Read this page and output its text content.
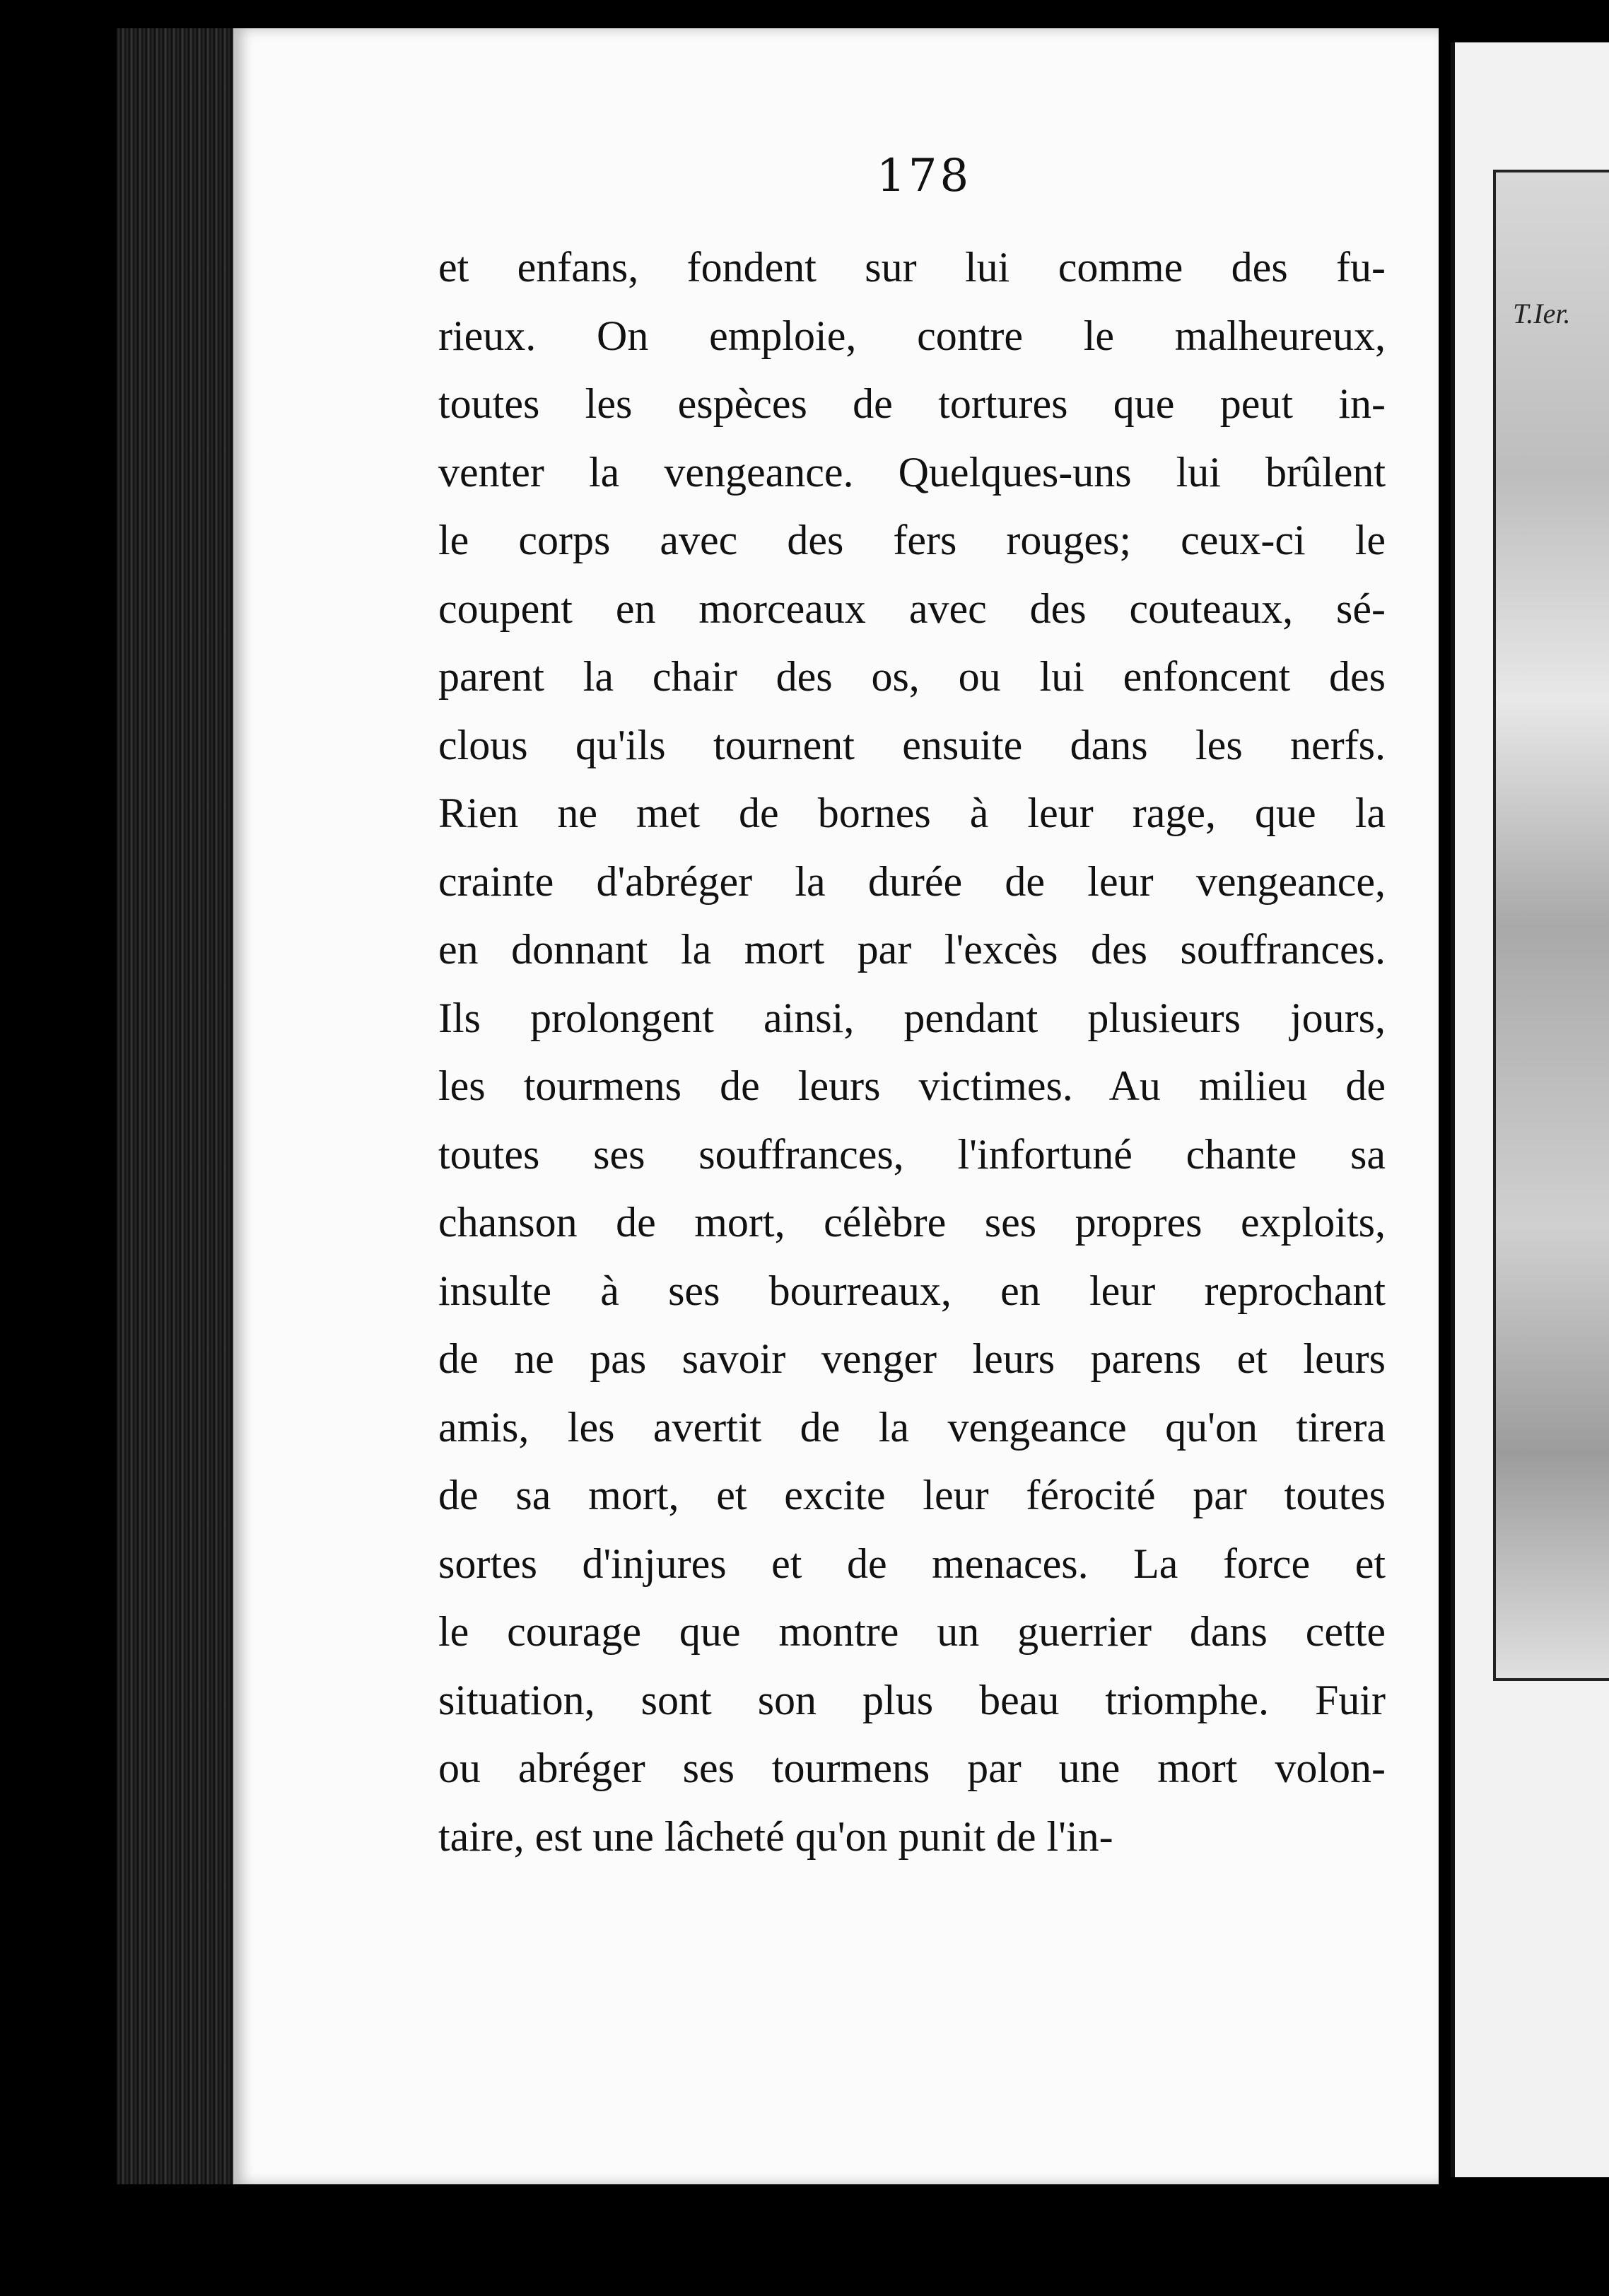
178
et enfans, fondent sur lui comme des fu-
rieux. On emploie, contre le malheureux,
toutes les espèces de tortures que peut in-
venter la vengeance. Quelques-uns lui brûlent
le corps avec des fers rouges; ceux-ci le
coupent en morceaux avec des couteaux, sé-
parent la chair des os, ou lui enfoncent des
clous qu'ils tournent ensuite dans les nerfs.
Rien ne met de bornes à leur rage, que la
crainte d'abréger la durée de leur vengeance,
en donnant la mort par l'excès des souffrances.
Ils prolongent ainsi, pendant plusieurs jours,
les tourmens de leurs victimes. Au milieu de
toutes ses souffrances, l'infortuné chante sa
chanson de mort, célèbre ses propres exploits,
insulte à ses bourreaux, en leur reprochant
de ne pas savoir venger leurs parens et leurs
amis, les avertit de la vengeance qu'on tirera
de sa mort, et excite leur férocité par toutes
sortes d'injures et de menaces. La force et
le courage que montre un guerrier dans cette
situation, sont son plus beau triomphe. Fuir
ou abréger ses tourmens par une mort volon-
taire, est une lâcheté qu'on punit de l'in-
T.Ier.
